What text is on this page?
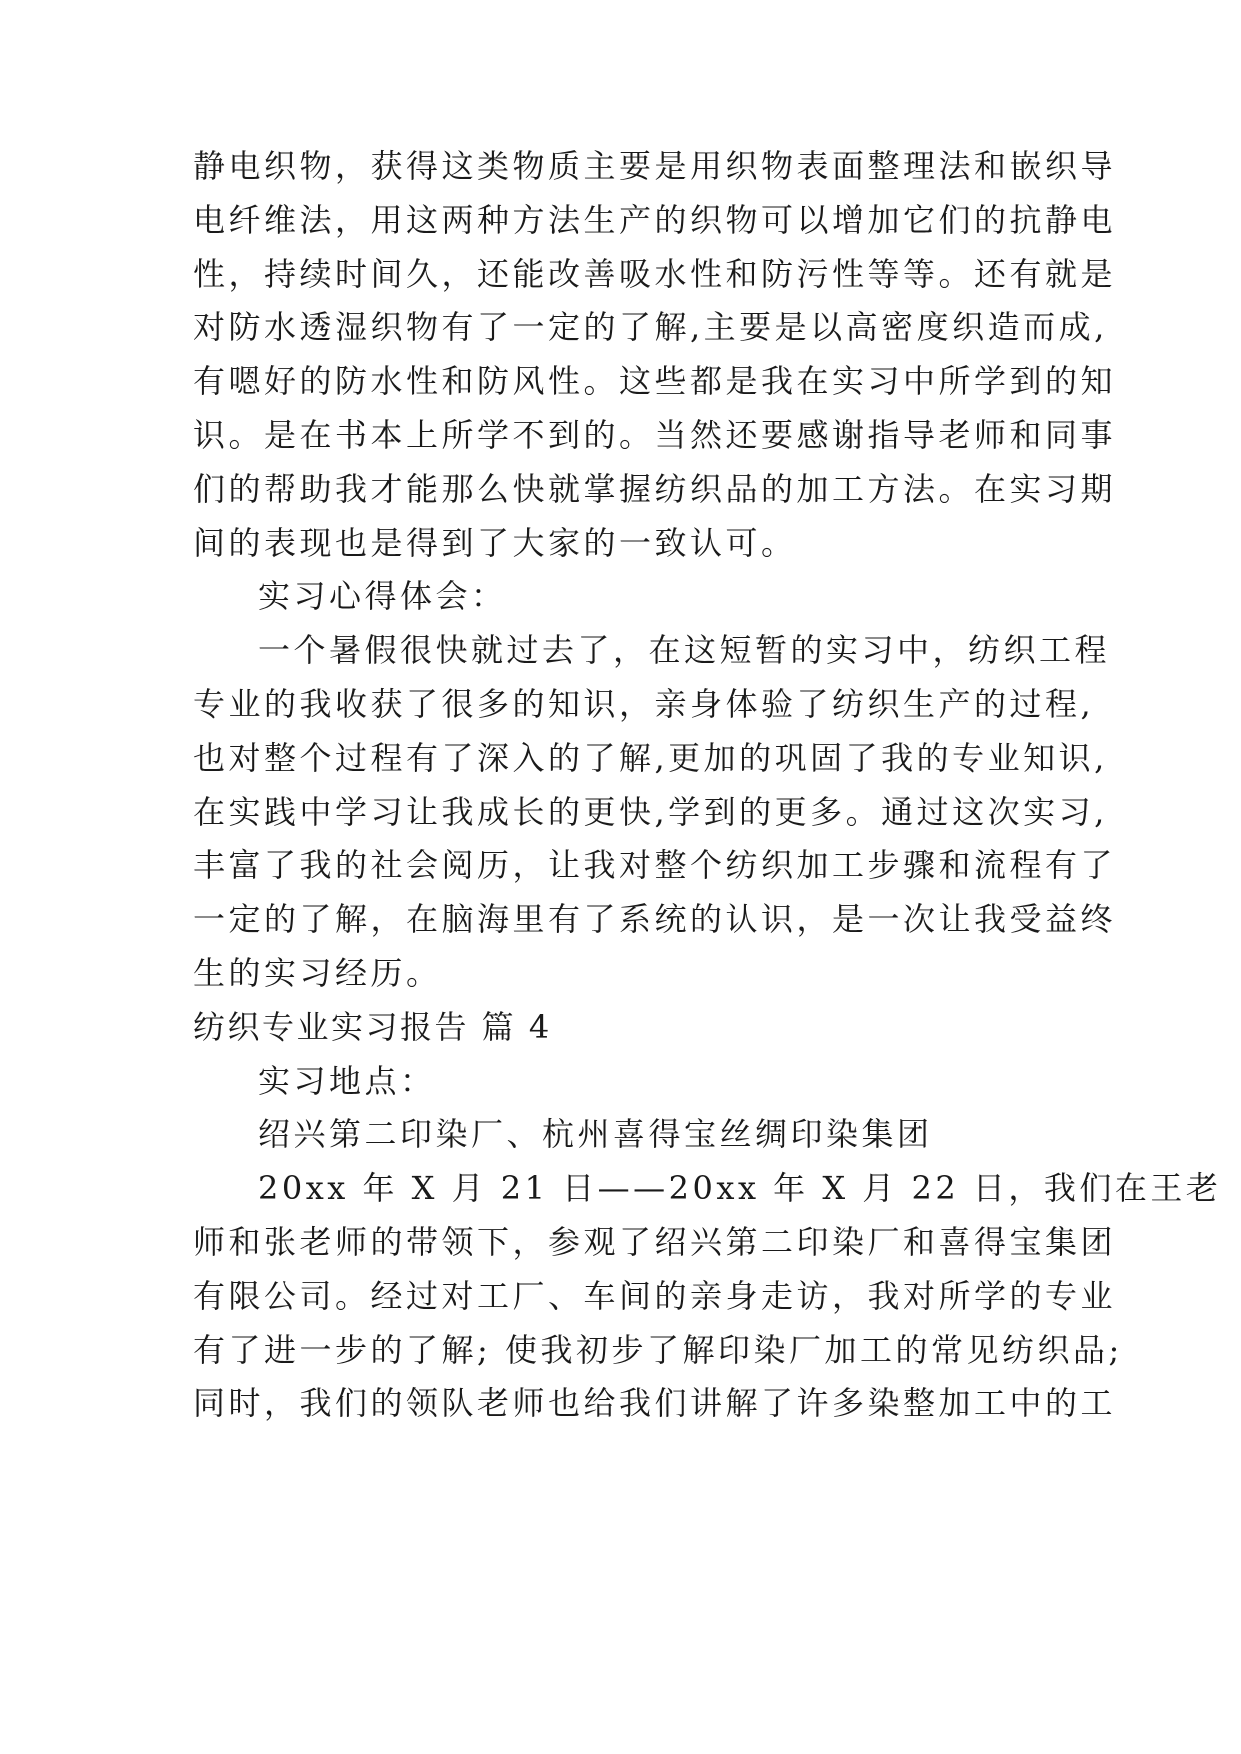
静电织物，获得这类物质主要是用织物表面整理法和嵌织导
电纤维法，用这两种方法生产的织物可以增加它们的抗静电
性，持续时间久，还能改善吸水性和防污性等等。还有就是
对防水透湿织物有了一定的了解,主要是以高密度织造而成,
有嗯好的防水性和防风性。这些都是我在实习中所学到的知
识。是在书本上所学不到的。当然还要感谢指导老师和同事
们的帮助我才能那么快就掌握纺织品的加工方法。在实习期
间的表现也是得到了大家的一致认可。
实习心得体会：
一个暑假很快就过去了，在这短暂的实习中，纺织工程
专业的我收获了很多的知识，亲身体验了纺织生产的过程,
也对整个过程有了深入的了解,更加的巩固了我的专业知识,
在实践中学习让我成长的更快,学到的更多。通过这次实习,
丰富了我的社会阅历，让我对整个纺织加工步骤和流程有了
一定的了解，在脑海里有了系统的认识，是一次让我受益终
生的实习经历。
纺织专业实习报告 篇 4
实习地点：
绍兴第二印染厂、杭州喜得宝丝绸印染集团
20xx 年 X 月 21 日——20xx 年 X 月 22 日，我们在王老
师和张老师的带领下，参观了绍兴第二印染厂和喜得宝集团
有限公司。经过对工厂、车间的亲身走访，我对所学的专业
有了进一步的了解; 使我初步了解印染厂加工的常见纺织品;
同时，我们的领队老师也给我们讲解了许多染整加工中的工
